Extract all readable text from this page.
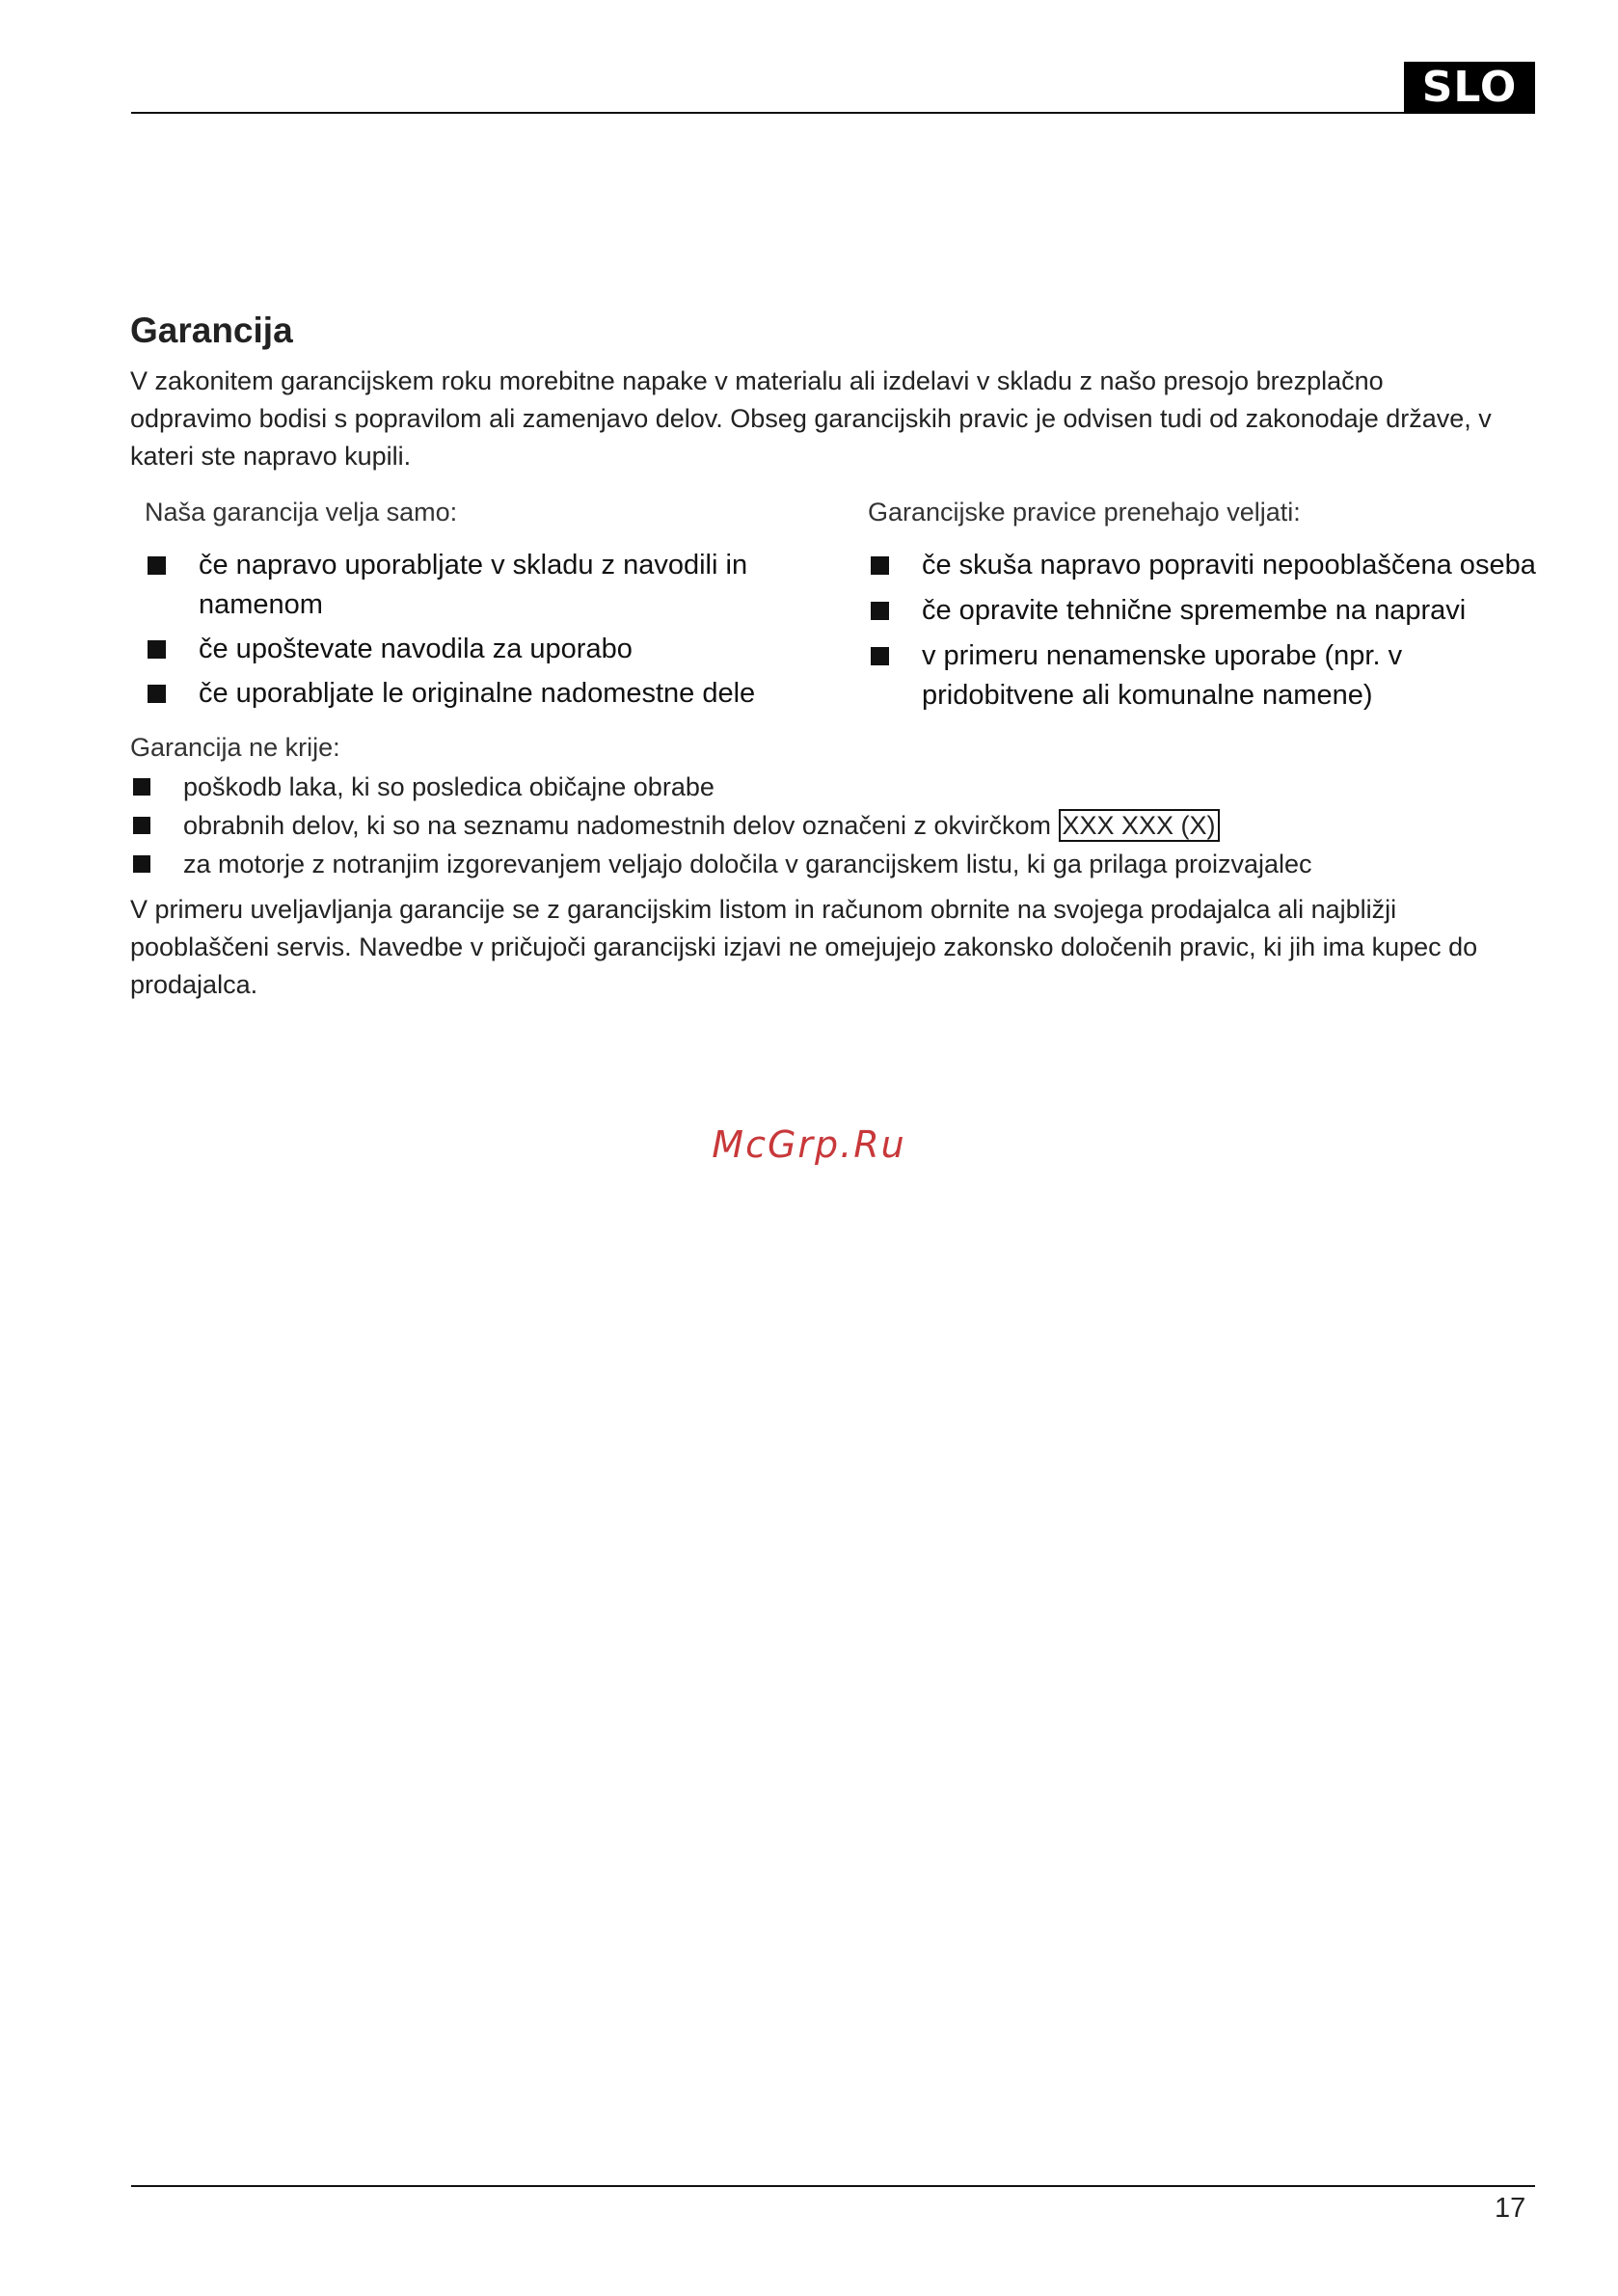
SLO
Garancija

V zakonitem garancijskem roku morebitne napake v materialu ali izdelavi v skladu z našo presojo brezplačno odpravimo bodisi s popravilom ali zamenjavo delov. Obseg garancijskih pravic je odvisen tudi od zakonodaje države, v kateri ste napravo kupili.

Naša garancija velja samo:

če napravo uporabljate v skladu z navodili in namenom
če upoštevate navodila za uporabo
če uporabljate le originalne nadomestne dele

Garancijske pravice prenehajo veljati:

če skuša napravo popraviti nepooblaščena oseba
če opravite tehnične spremembe na napravi
v primeru nenamenske uporabe (npr. v pridobitvene ali komunalne namene)

Garancija ne krije:

poškodb laka, ki so posledica običajne obrabe
obrabnih delov, ki so na seznamu nadomestnih delov označeni z okvirčkom XXX XXX (X)
za motorje z notranjim izgorevanjem veljajo določila v garancijskem listu, ki ga prilaga proizvajalec

V primeru uveljavljanja garancije se z garancijskim listom in računom obrnite na svojega prodajalca ali najbližji pooblaščeni servis. Navedbe v pričujoči garancijski izjavi ne omejujejo zakonsko določenih pravic, ki jih ima kupec do prodajalca.

McGrp.Ru
17
